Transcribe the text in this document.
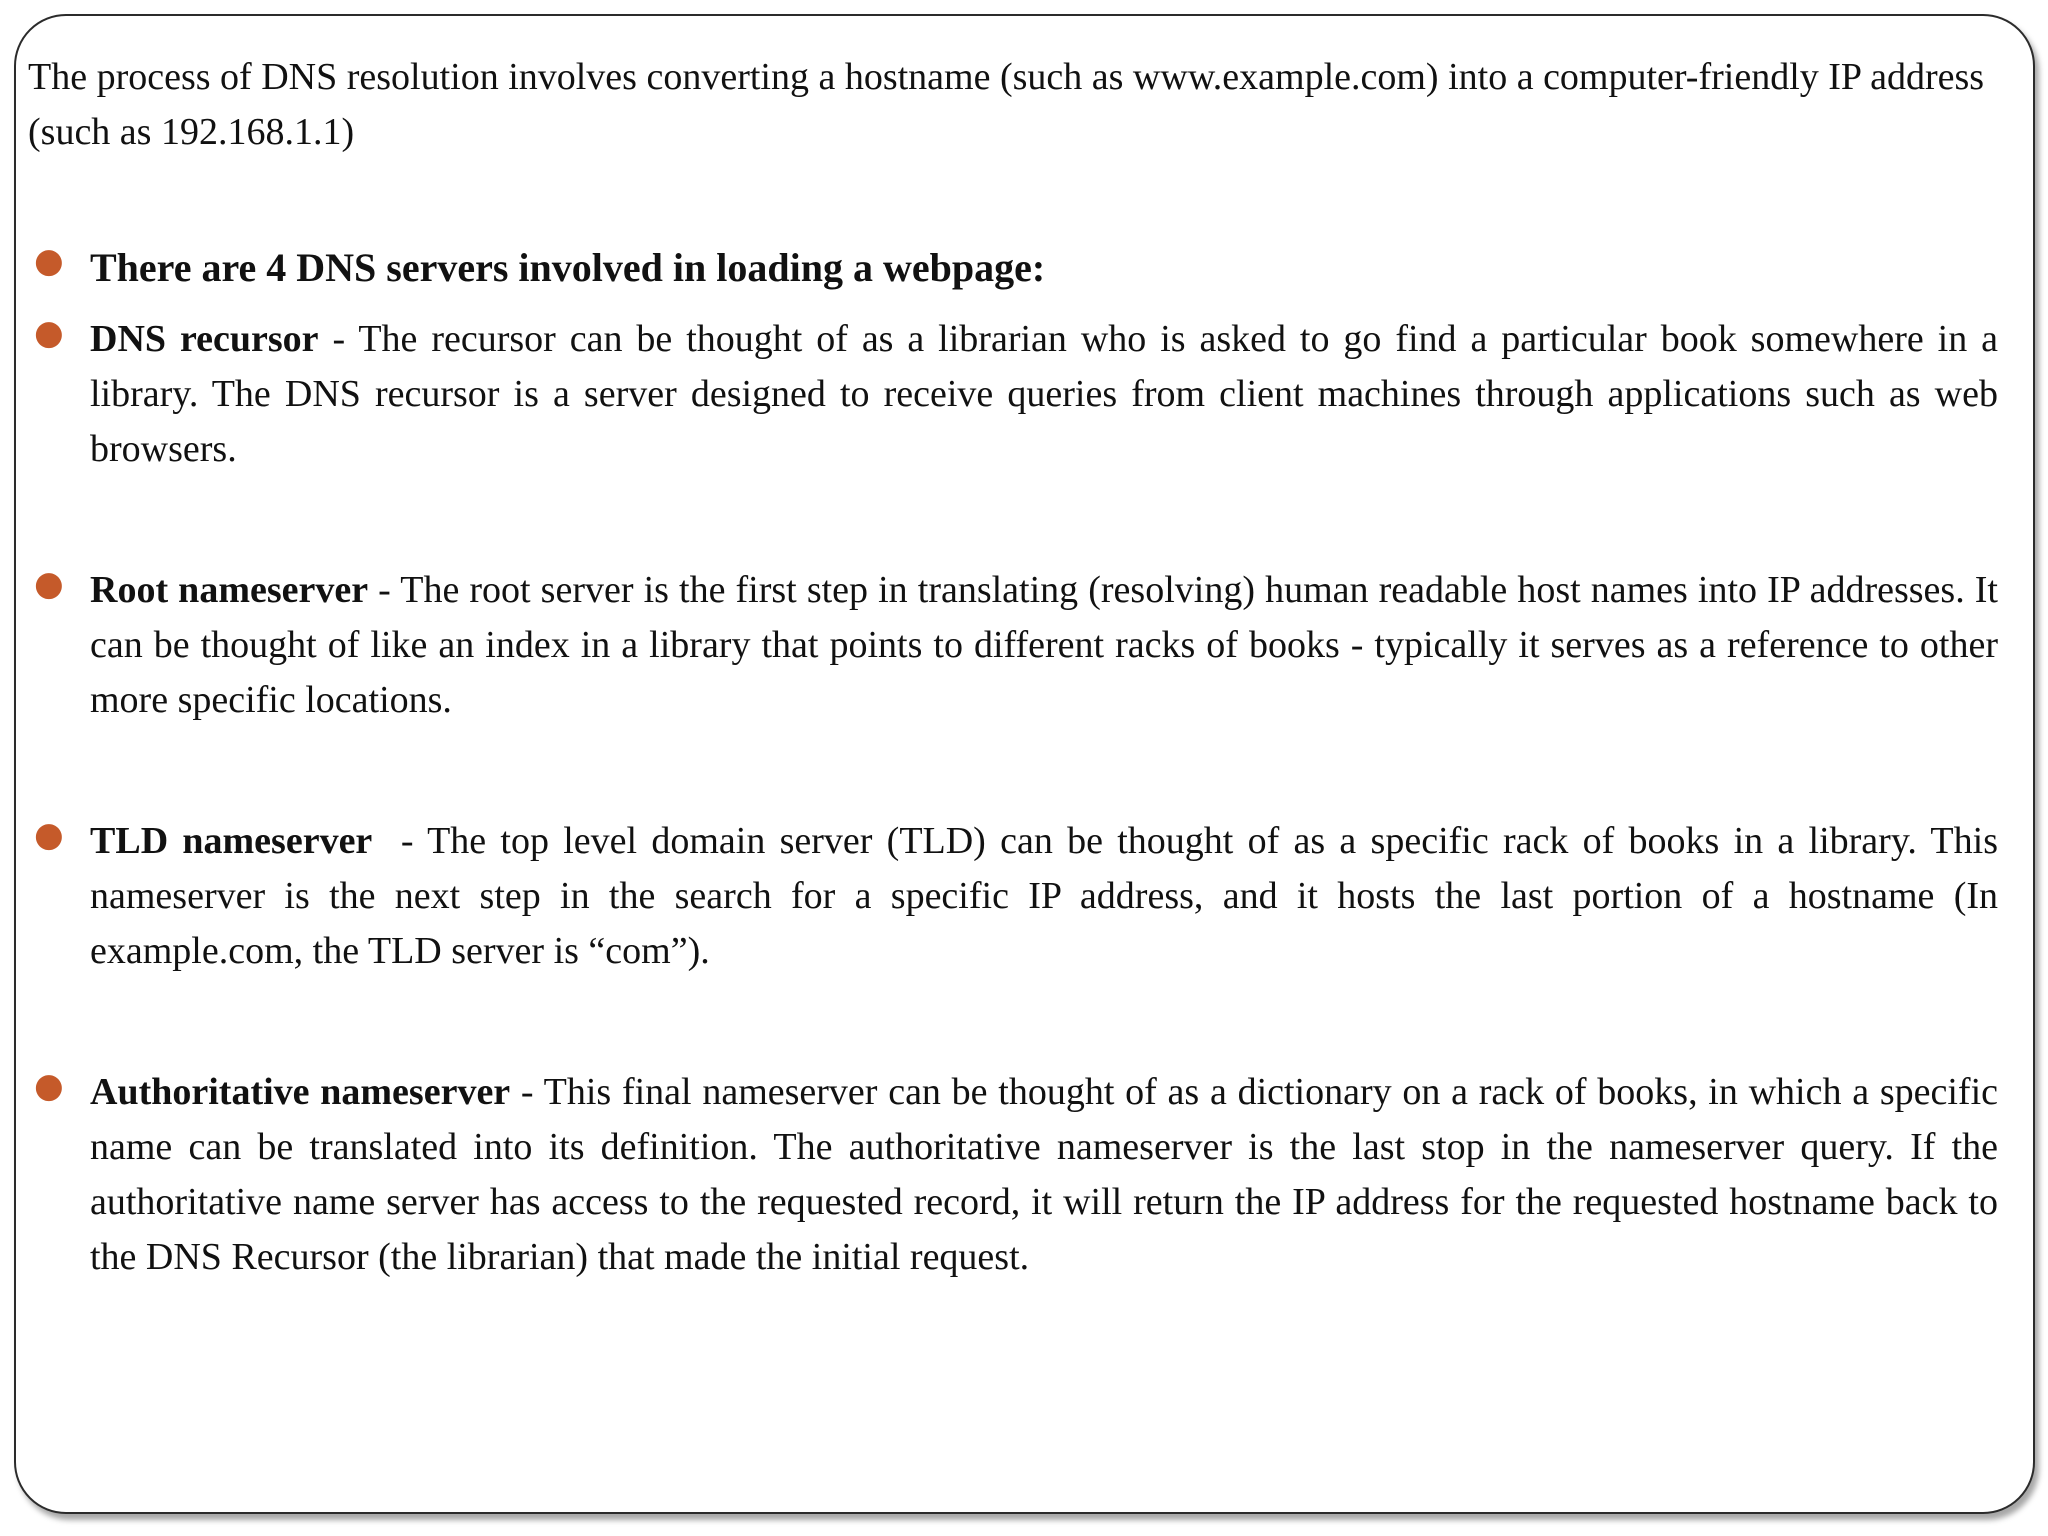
The process of DNS resolution involves converting a hostname (such as www.example.com) into a computer-friendly IP address (such as 192.168.1.1)

● There are 4 DNS servers involved in loading a webpage:
● DNS recursor - The recursor can be thought of as a librarian who is asked to go find a particular book somewhere in a library. The DNS recursor is a server designed to receive queries from client machines through applications such as web browsers.
● Root nameserver - The root server is the first step in translating (resolving) human readable host names into IP addresses. It can be thought of like an index in a library that points to different racks of books - typically it serves as a reference to other more specific locations.
● TLD nameserver  - The top level domain server (TLD) can be thought of as a specific rack of books in a library. This nameserver is the next step in the search for a specific IP address, and it hosts the last portion of a hostname (In example.com, the TLD server is “com”).
● Authoritative nameserver - This final nameserver can be thought of as a dictionary on a rack of books, in which a specific name can be translated into its definition. The authoritative nameserver is the last stop in the nameserver query. If the authoritative name server has access to the requested record, it will return the IP address for the requested hostname back to the DNS Recursor (the librarian) that made the initial request.
